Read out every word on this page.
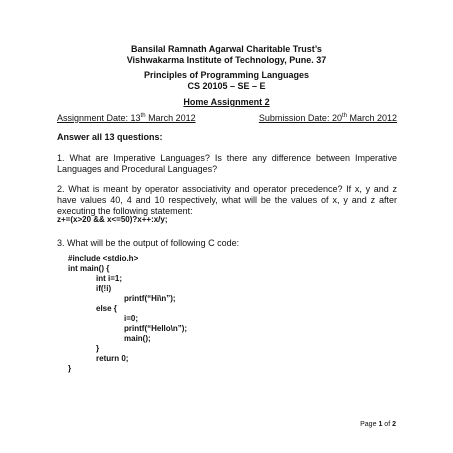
Bansilal Ramnath Agarwal Charitable Trust’s
Vishwakarma Institute of Technology, Pune. 37
Principles of Programming Languages
CS 20105 – SE – E
Home Assignment 2
Assignment Date: 13th March 2012	Submission Date: 20th March 2012
Answer all 13 questions:
1. What are Imperative Languages? Is there any difference between Imperative Languages and Procedural Languages?
2. What is meant by operator associativity and operator precedence? If x, y and z have values 40, 4 and 10 respectively, what will be the values of x, y and z after executing the following statement:
z+=(x>20 && x<=50)?x++:x/y;
3. What will be the output of following C code:
#include <stdio.h>
int main() {
int i=1;
if(!i)
printf(“Hi\n”);
else {
i=0;
printf(“Hello\n”);
main();
}
return 0;
}
Page 1 of 2
